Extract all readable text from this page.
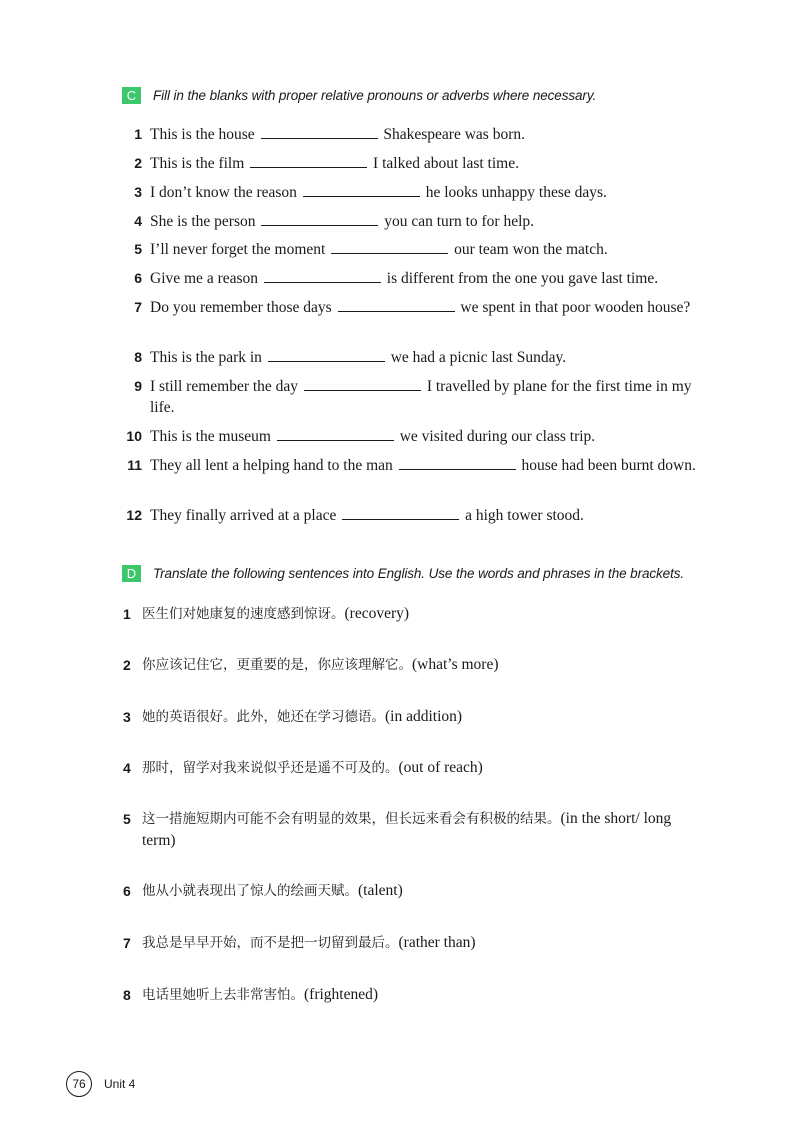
C	Fill in the blanks with proper relative pronouns or adverbs where necessary.
1 This is the house	Shakespeare was born.
2 This is the film	I talked about last time.
3 I don’t know the reason	he looks unhappy these days.
4 She is the person	you can turn to for help.
5 I’ll never forget the moment	our team won the match.
6 Give me a reason	is different from the one you gave last time.
7 Do you remember those days	we spent in that poor wooden house?
8 This is the park in	we had a picnic last Sunday.
9 I still remember the day	I travelled by plane for the first time in my life.
10 This is the museum	we visited during our class trip.
11 They all lent a helping hand to the man	house had been burnt down.
12 They finally arrived at a place	a high tower stood.
D	Translate the following sentences into English. Use the words and phrases in the brackets.
1 医生们对她康复的速度感到惊讶。(recovery)
2 你应该记住它，更重要的是，你应该理解它。(what’s more)
3 她的英语很好。此外，她还在学习德语。(in addition)
4 那时，留学对我来说似乎还是遥不可及的。(out of reach)
5 这一措施短期内可能不会有明显的效果，但长远来看会有积极的结果。(in the short/ long term)
6 他从小就表现出了惊人的绘画天赋。(talent)
7 我总是早早开始，而不是把一切留到最后。(rather than)
8 电话里她听上去非常害怕。(frightened)
76	Unit 4
